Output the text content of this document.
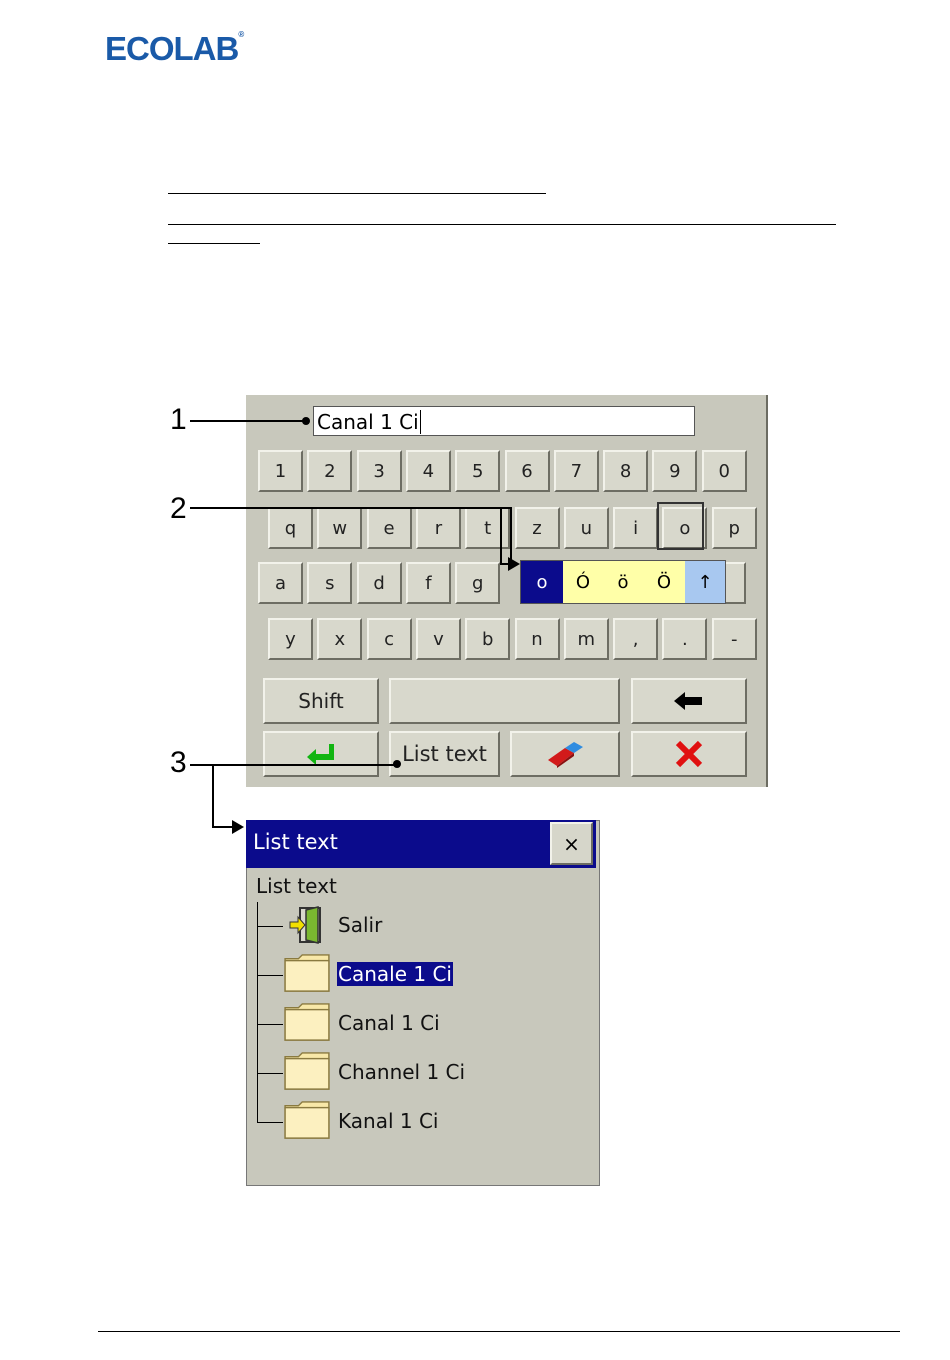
ECOLAB®
Canal 1 Ci
1 2 3 4 5 6 7 8 9 0
q w e r t z u i o p
a s d f g
y x c v b n m , . -
o	Ó	ö	Ö	↑
Shift
List text
1
2
3
List text	×
List text
Salir
Canale 1 Ci
Canal 1 Ci
Channel 1 Ci
Kanal 1 Ci
